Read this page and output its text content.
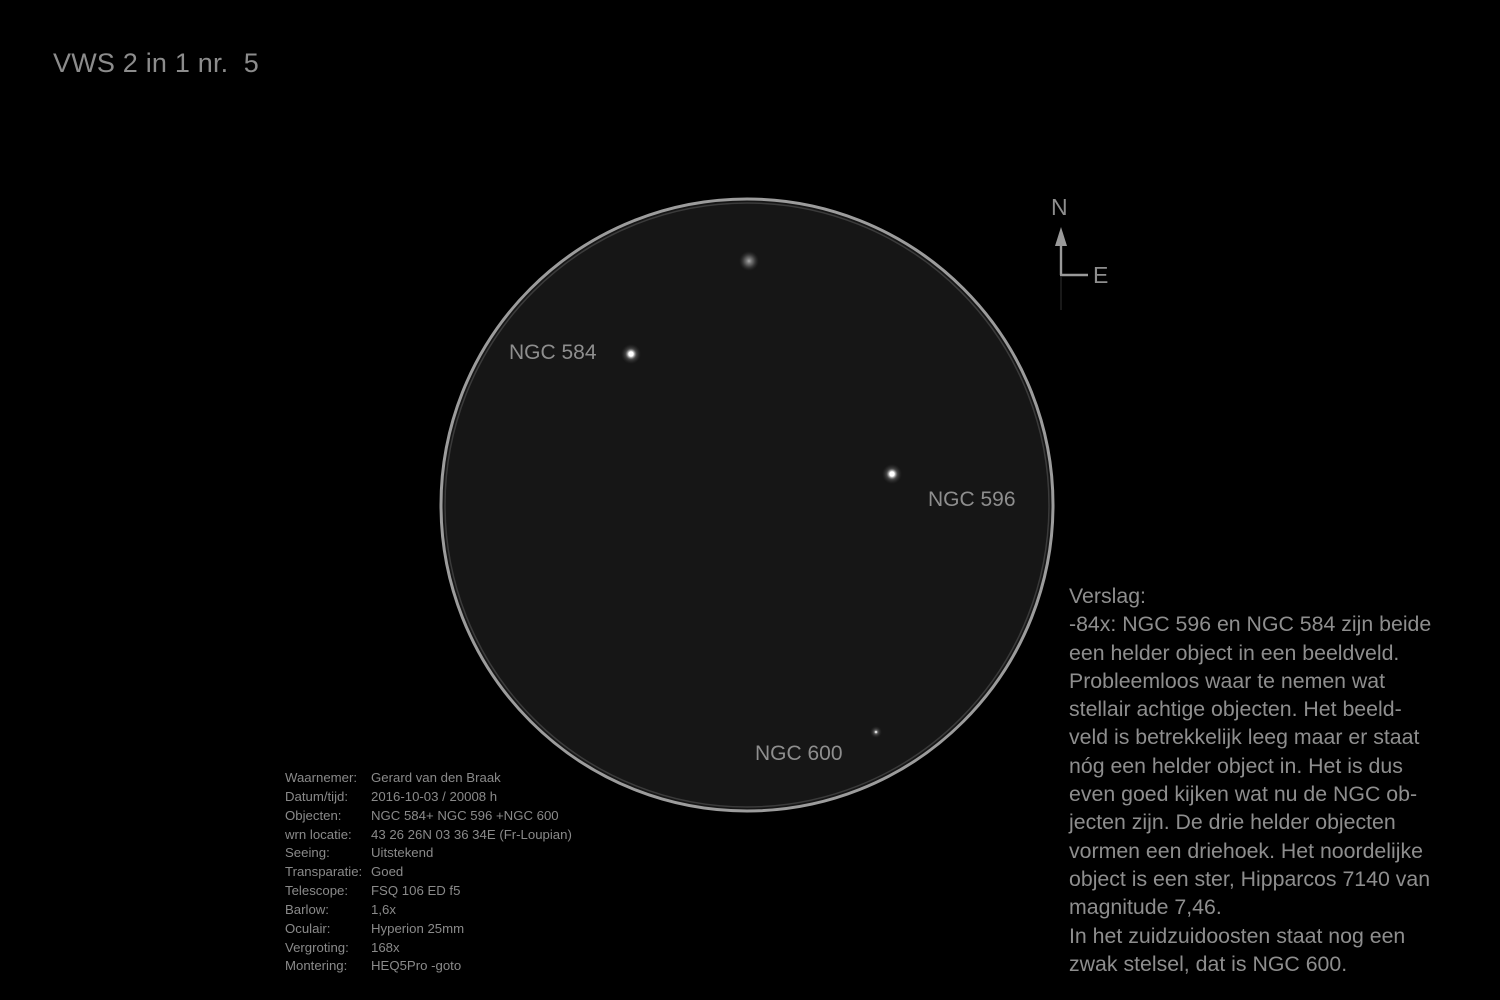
VWS 2 in 1 nr.  5
N
E
NGC 584
NGC 596
NGC 600
Waarnemer:	Gerard van den Braak
Datum/tijd:	2016-10-03 / 20008 h
Objecten:	NGC 584+ NGC 596 +NGC 600
wrn locatie:	43 26 26N 03 36 34E (Fr-Loupian)
Seeing:	Uitstekend
Transparatie: Goed
Telescope:	FSQ 106 ED f5
Barlow:	1,6x
Oculair:	Hyperion 25mm
Vergroting:	168x
Montering:	HEQ5Pro -goto
Verslag:
-84x: NGC 596 en NGC 584 zijn beide
een helder object in een beeldveld.
Probleemloos waar te nemen wat
stellair achtige objecten. Het beeld-
veld is betrekkelijk leeg maar er staat
nóg een helder object in. Het is dus
even goed kijken wat nu de NGC ob-
jecten zijn. De drie helder objecten
vormen een driehoek. Het noordelijke
object is een ster, Hipparcos 7140 van
magnitude 7,46.
In het zuidzuidoosten staat nog een
zwak stelsel, dat is NGC 600.
